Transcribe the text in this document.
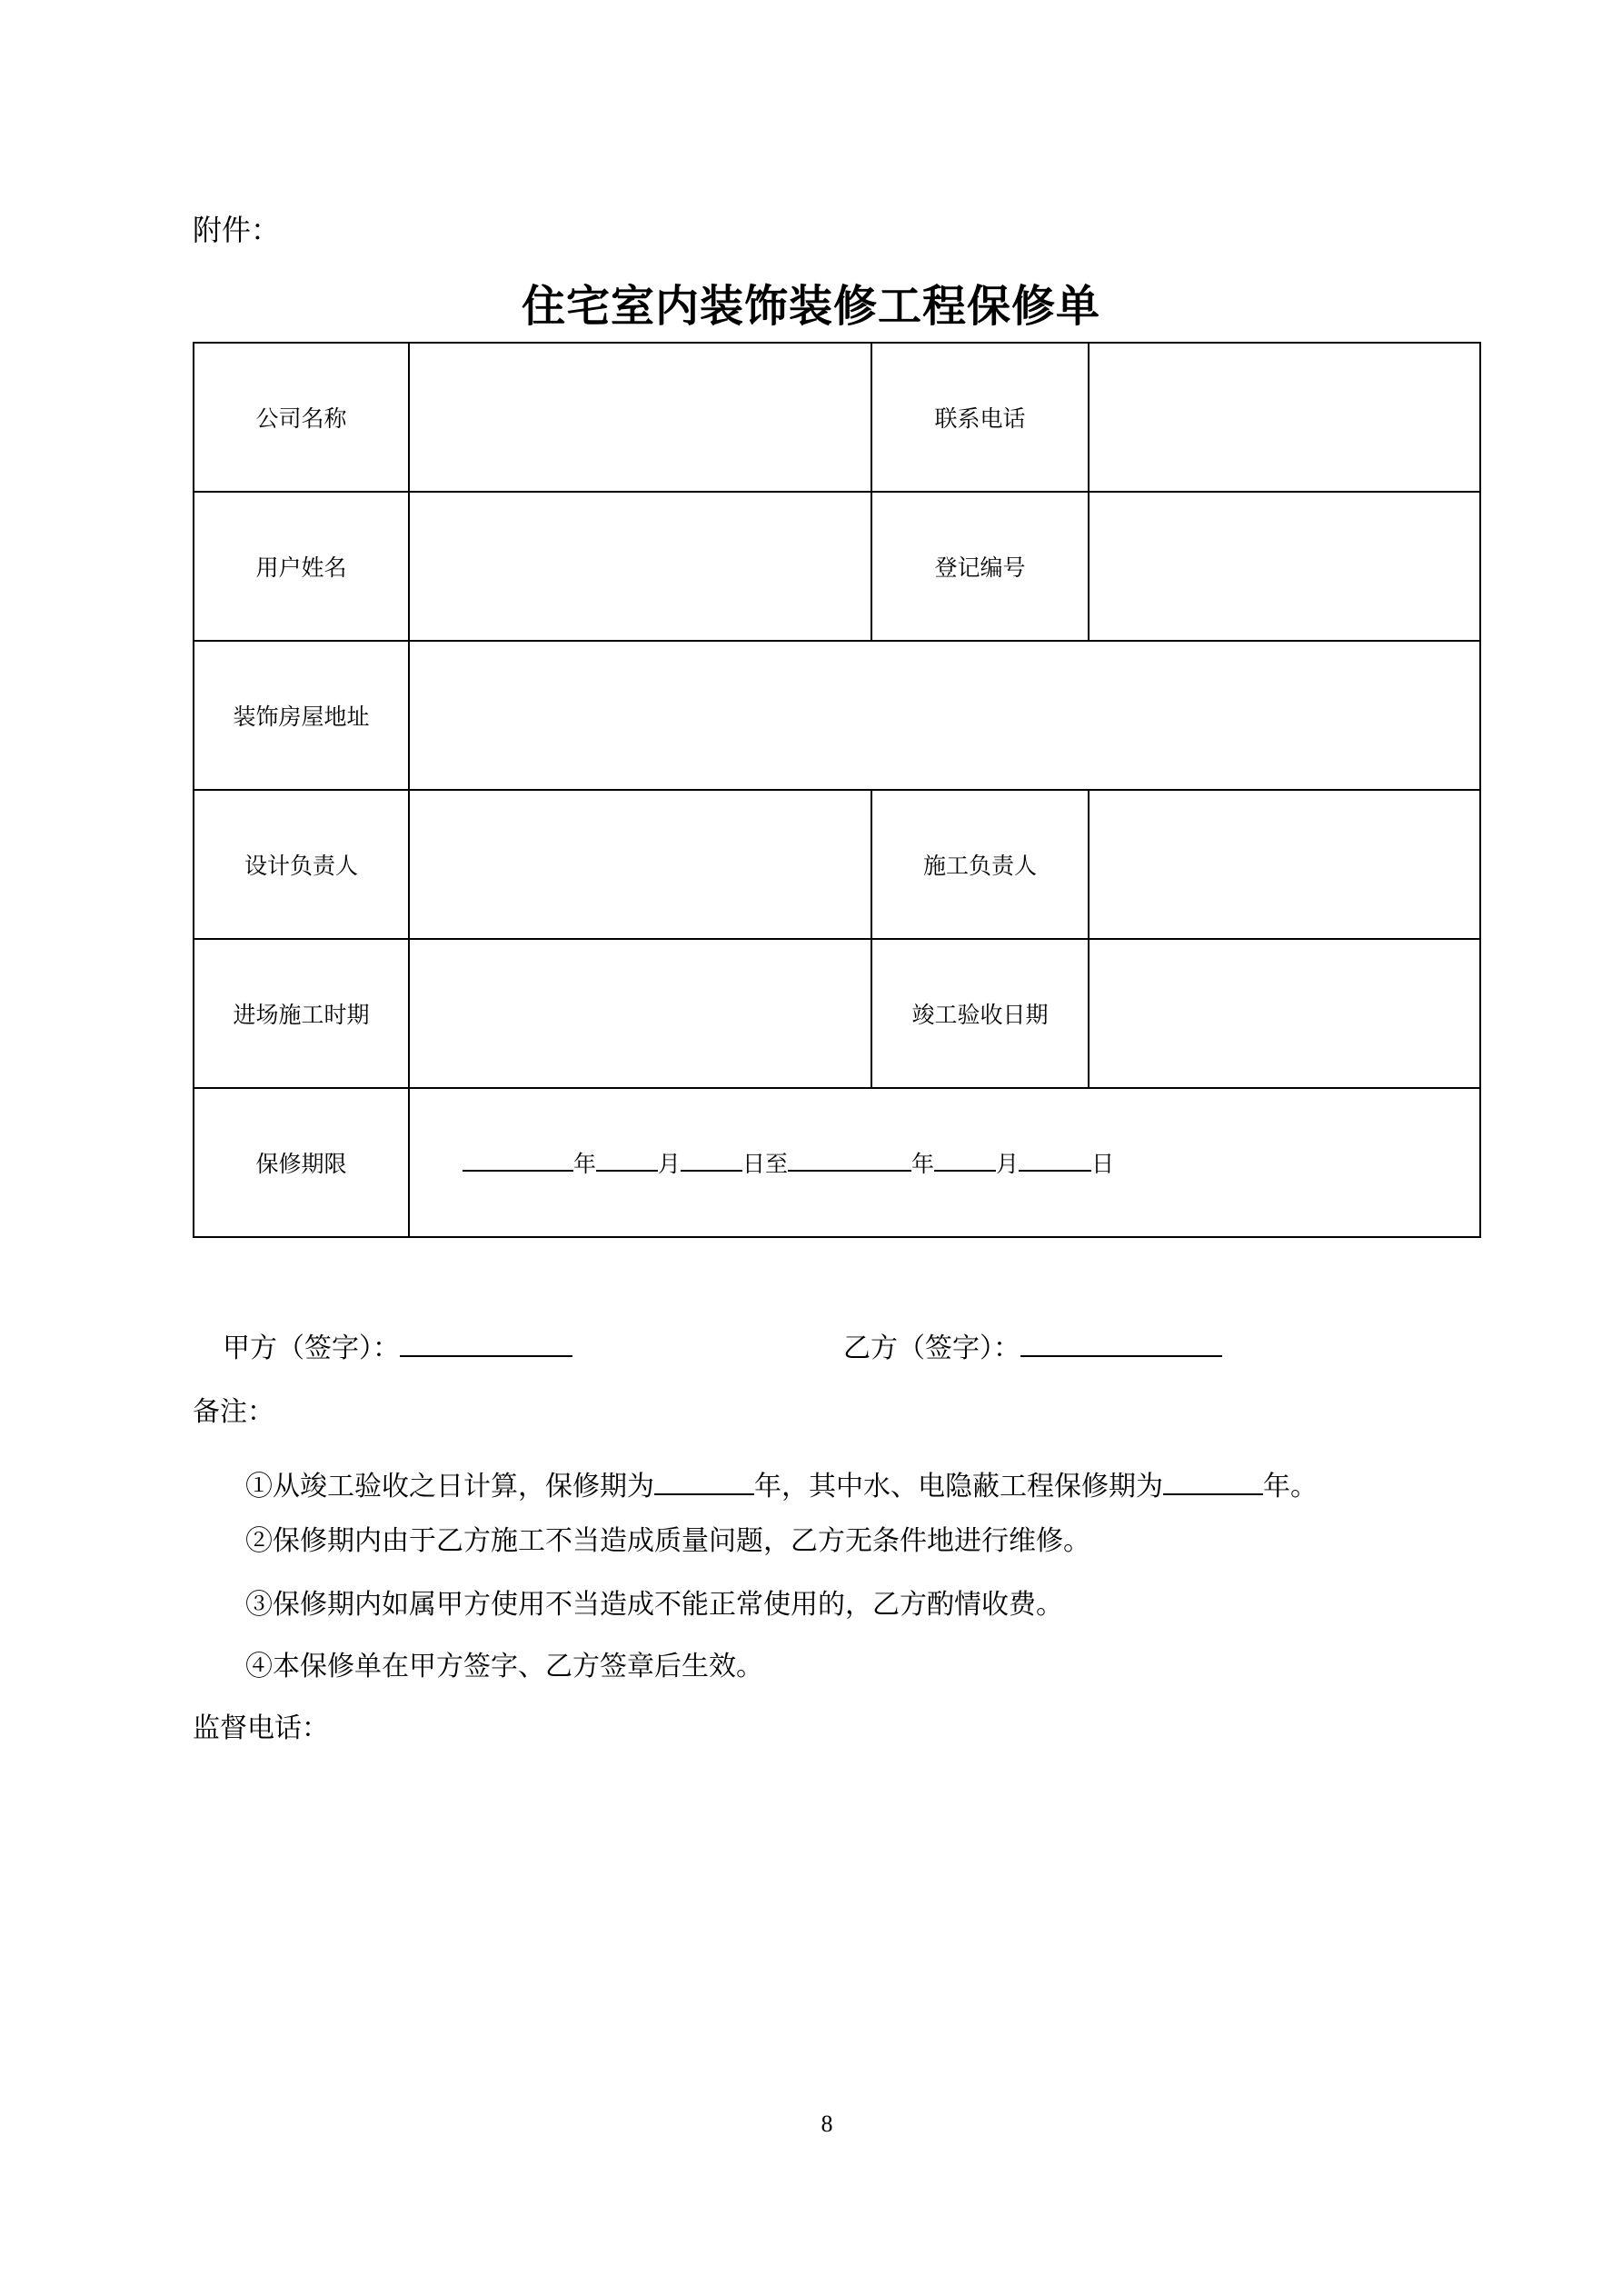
附件：
住宅室内装饰装修工程保修单
公司名称		联系电话	
用户姓名		登记编号	
装饰房屋地址			
设计负责人		施工负责人	
进场施工时期		竣工验收日期	
保修期限	年 月 日至 年 月 日		
甲方（签字）：	乙方（签字）：
备注：
①从竣工验收之日计算，保修期为	年，其中水、电隐蔽工程保修期为	年。
②保修期内由于乙方施工不当造成质量问题，乙方无条件地进行维修。
③保修期内如属甲方使用不当造成不能正常使用的，乙方酌情收费。
④本保修单在甲方签字、乙方签章后生效。
监督电话：
8
